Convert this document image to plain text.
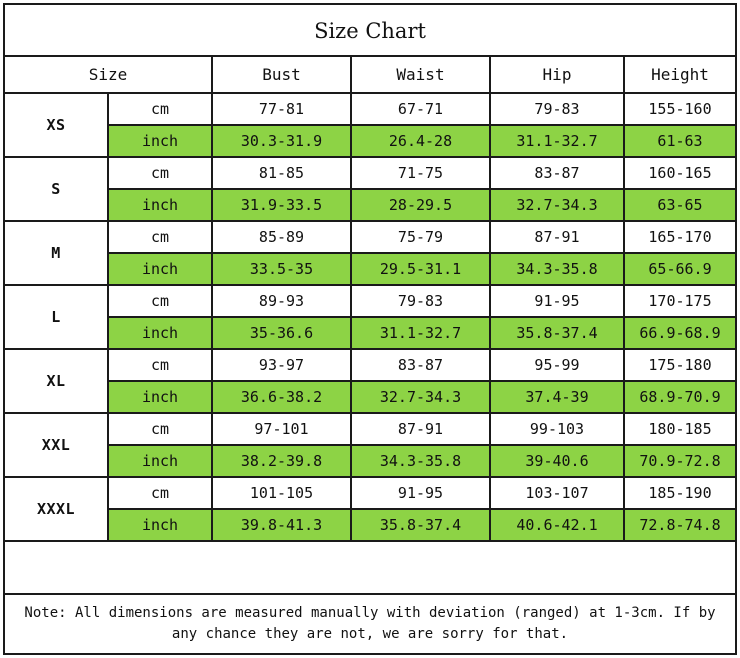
Size Chart
Size		Bust	Waist	Hip	Height
XS	cm	77-81	67-71	79-83	155-160
	inch	30.3-31.9	26.4-28	31.1-32.7	61-63
S	cm	81-85	71-75	83-87	160-165
	inch	31.9-33.5	28-29.5	32.7-34.3	63-65
M	cm	85-89	75-79	87-91	165-170
	inch	33.5-35	29.5-31.1	34.3-35.8	65-66.9
L	cm	89-93	79-83	91-95	170-175
	inch	35-36.6	31.1-32.7	35.8-37.4	66.9-68.9
XL	cm	93-97	83-87	95-99	175-180
	inch	36.6-38.2	32.7-34.3	37.4-39	68.9-70.9
XXL	cm	97-101	87-91	99-103	180-185
	inch	38.2-39.8	34.3-35.8	39-40.6	70.9-72.8
XXXL	cm	101-105	91-95	103-107	185-190
	inch	39.8-41.3	35.8-37.4	40.6-42.1	72.8-74.8
Note: All dimensions are measured manually with deviation (ranged) at 1-3cm. If by any chance they are not, we are sorry for that.
